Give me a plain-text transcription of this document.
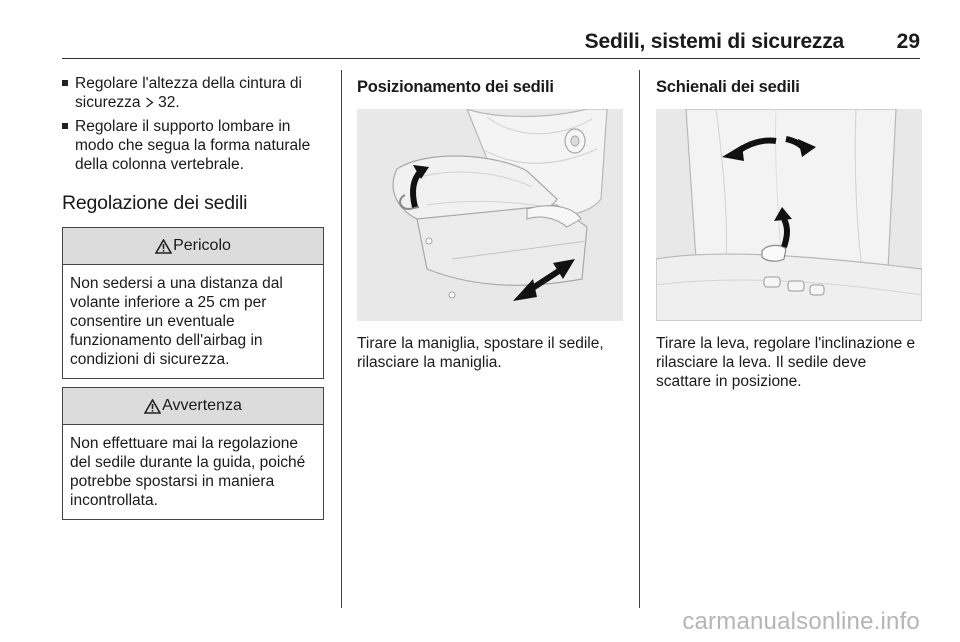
Sedili, sistemi di sicurezza	29
Regolare l'altezza della cintura di sicurezza  32.
Regolare il supporto lombare in modo che segua la forma naturale della colonna vertebrale.
Regolazione dei sedili
Pericolo
Non sedersi a una distanza dal volante inferiore a 25 cm per consentire un eventuale funzionamento dell'airbag in condizioni di sicurezza.
Avvertenza
Non effettuare mai la regolazione del sedile durante la guida, poiché potrebbe spostarsi in maniera incontrollata.
Posizionamento dei sedili
Tirare la maniglia, spostare il sedile, rilasciare la maniglia.
Schienali dei sedili
Tirare la leva, regolare l'inclinazione e rilasciare la leva. Il sedile deve scattare in posizione.
carmanualsonline.info
